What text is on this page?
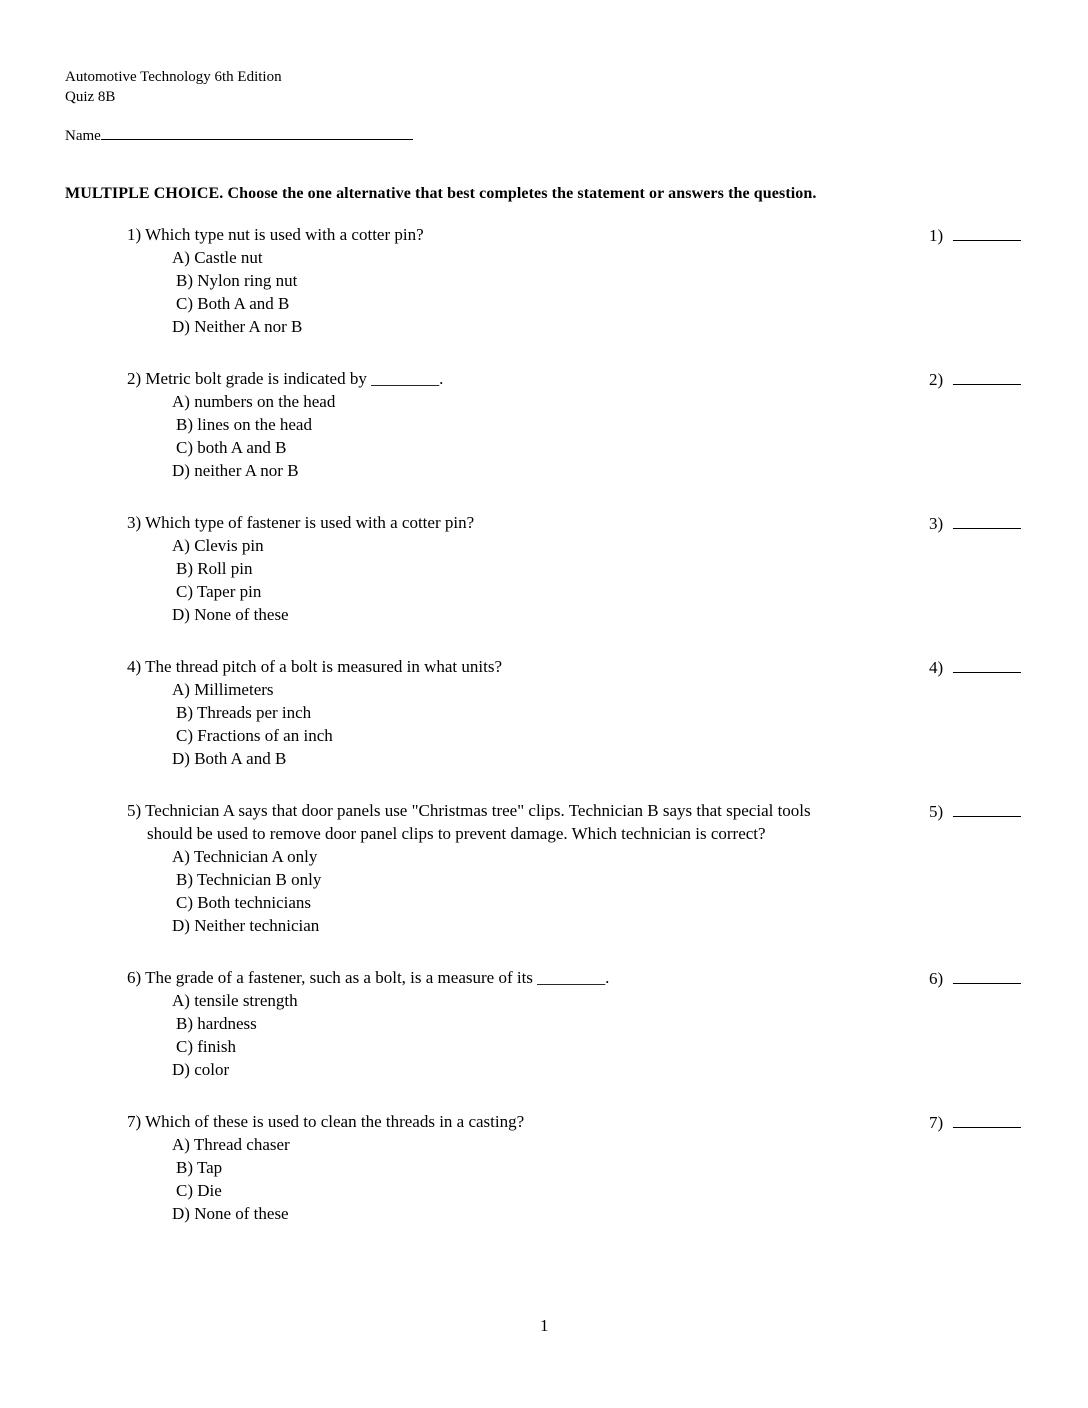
Automotive Technology 6th Edition
Quiz 8B
Name
MULTIPLE CHOICE. Choose the one alternative that best completes the statement or answers the question.
1) Which type nut is used with a cotter pin?
A) Castle nut
B) Nylon ring nut
C) Both A and B
D) Neither A nor B
1)
2) Metric bolt grade is indicated by ________.
A) numbers on the head
B) lines on the head
C) both A and B
D) neither A nor B
2)
3) Which type of fastener is used with a cotter pin?
A) Clevis pin
B) Roll pin
C) Taper pin
D) None of these
3)
4) The thread pitch of a bolt is measured in what units?
A) Millimeters
B) Threads per inch
C) Fractions of an inch
D) Both A and B
4)
5) Technician A says that door panels use "Christmas tree" clips. Technician B says that special tools
should be used to remove door panel clips to prevent damage. Which technician is correct?
A) Technician A only
B) Technician B only
C) Both technicians
D) Neither technician
5)
6) The grade of a fastener, such as a bolt, is a measure of its ________.
A) tensile strength
B) hardness
C) finish
D) color
6)
7) Which of these is used to clean the threads in a casting?
A) Thread chaser
B) Tap
C) Die
D) None of these
7)
1
